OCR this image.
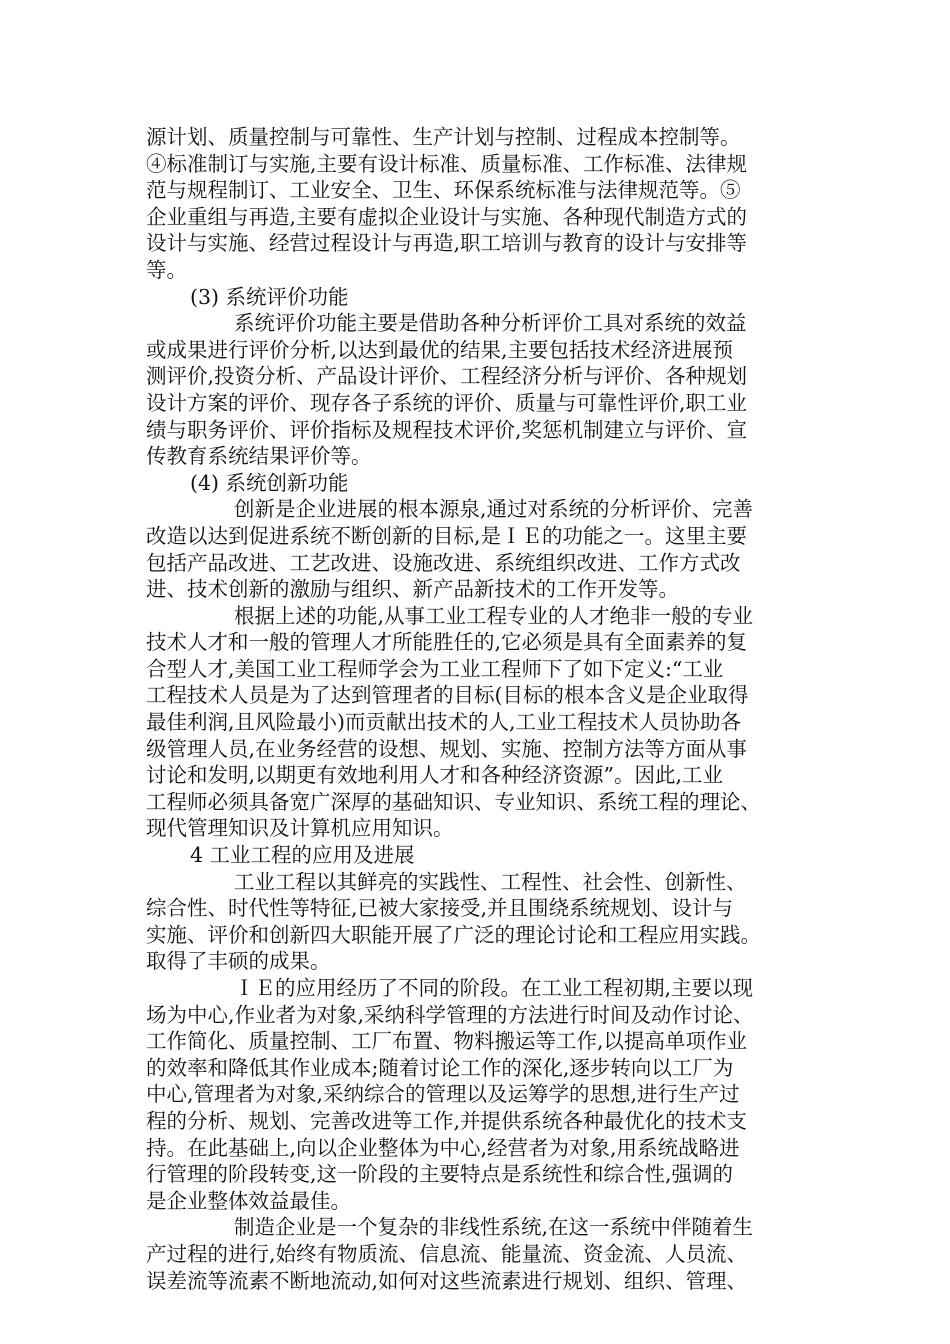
源计划、质量控制与可靠性、生产计划与控制、过程成本控制等。
④标准制订与实施,主要有设计标准、质量标准、工作标准、法律规
范与规程制订、工业安全、卫生、环保系统标准与法律规范等。⑤
企业重组与再造,主要有虚拟企业设计与实施、各种现代制造方式的
设计与实施、经营过程设计与再造,职工培训与教育的设计与安排等
等。
(3) 系统评价功能
系统评价功能主要是借助各种分析评价工具对系统的效益
或成果进行评价分析,以达到最优的结果,主要包括技术经济进展预
测评价,投资分析、产品设计评价、工程经济分析与评价、各种规划
设计方案的评价、现存各子系统的评价、质量与可靠性评价,职工业
绩与职务评价、评价指标及规程技术评价,奖惩机制建立与评价、宣
传教育系统结果评价等。
(4) 系统创新功能
创新是企业进展的根本源泉,通过对系统的分析评价、完善
改造以达到促进系统不断创新的目标,是ＩＥ的功能之一。这里主要
包括产品改进、工艺改进、设施改进、系统组织改进、工作方式改
进、技术创新的激励与组织、新产品新技术的工作开发等。
根据上述的功能,从事工业工程专业的人才绝非一般的专业
技术人才和一般的管理人才所能胜任的,它必须是具有全面素养的复
合型人才,美国工业工程师学会为工业工程师下了如下定义:“工业
工程技术人员是为了达到管理者的目标(目标的根本含义是企业取得
最佳利润,且风险最小)而贡献出技术的人,工业工程技术人员协助各
级管理人员,在业务经营的设想、规划、实施、控制方法等方面从事
讨论和发明,以期更有效地利用人才和各种经济资源”。因此,工业
工程师必须具备宽广深厚的基础知识、专业知识、系统工程的理论、
现代管理知识及计算机应用知识。
4 工业工程的应用及进展
工业工程以其鲜亮的实践性、工程性、社会性、创新性、
综合性、时代性等特征,已被大家接受,并且围绕系统规划、设计与
实施、评价和创新四大职能开展了广泛的理论讨论和工程应用实践。
取得了丰硕的成果。
ＩＥ的应用经历了不同的阶段。在工业工程初期,主要以现
场为中心,作业者为对象,采纳科学管理的方法进行时间及动作讨论、
工作简化、质量控制、工厂布置、物料搬运等工作,以提高单项作业
的效率和降低其作业成本;随着讨论工作的深化,逐步转向以工厂为
中心,管理者为对象,采纳综合的管理以及运筹学的思想,进行生产过
程的分析、规划、完善改进等工作,并提供系统各种最优化的技术支
持。在此基础上,向以企业整体为中心,经营者为对象,用系统战略进
行管理的阶段转变,这一阶段的主要特点是系统性和综合性,强调的
是企业整体效益最佳。
制造企业是一个复杂的非线性系统,在这一系统中伴随着生
产过程的进行,始终有物质流、信息流、能量流、资金流、人员流、
误差流等流素不断地流动,如何对这些流素进行规划、组织、管理、
